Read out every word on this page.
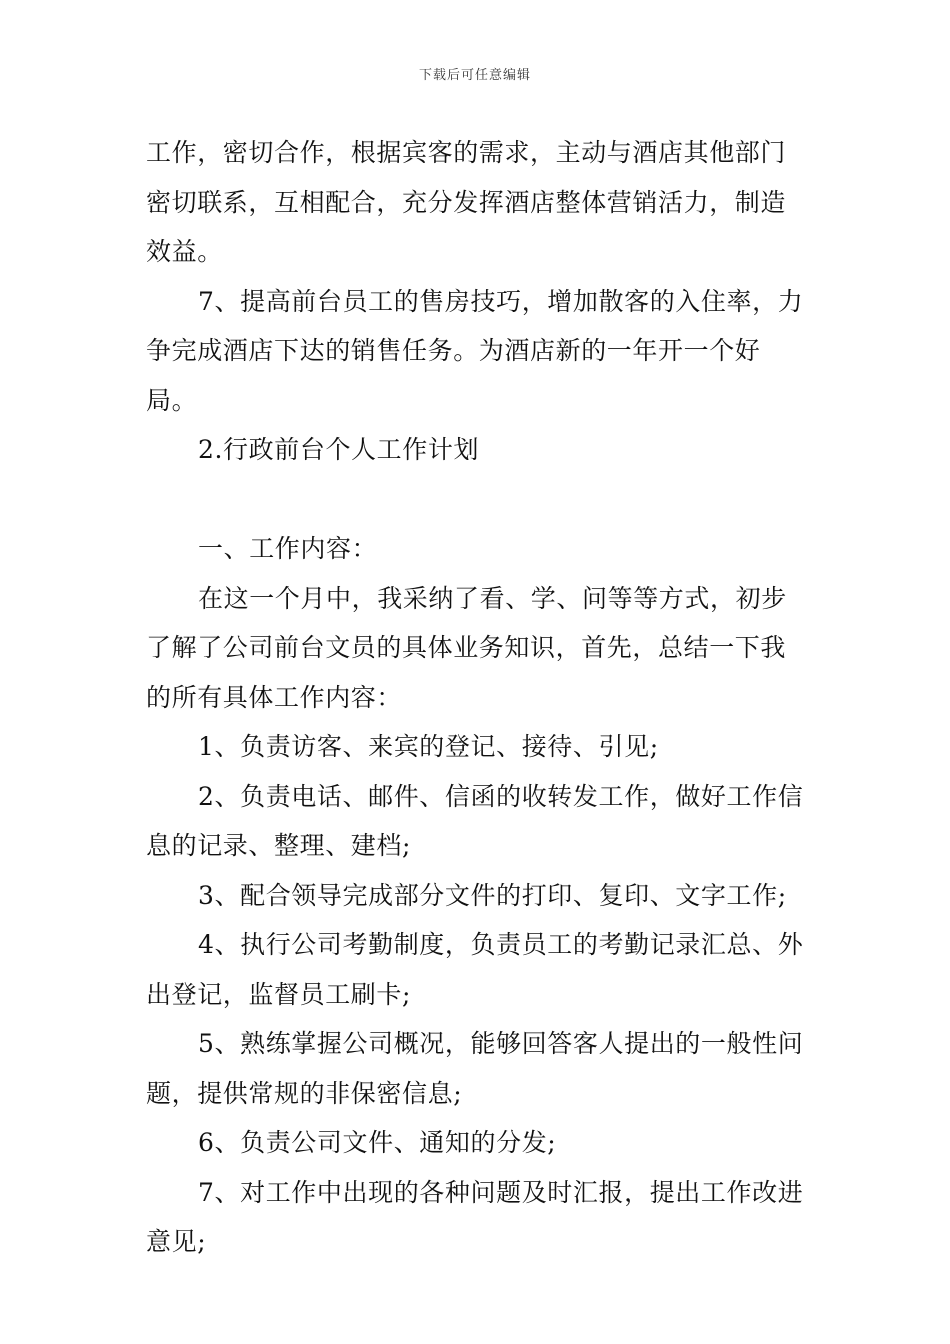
下载后可任意编辑

工作，密切合作，根据宾客的需求，主动与酒店其他部门密切联系，互相配合，充分发挥酒店整体营销活力，制造效益。

7、提高前台员工的售房技巧，增加散客的入住率，力争完成酒店下达的销售任务。为酒店新的一年开一个好局。

2.行政前台个人工作计划

一、工作内容：

在这一个月中，我采纳了看、学、问等等方式，初步了解了公司前台文员的具体业务知识，首先，总结一下我的所有具体工作内容：

1、负责访客、来宾的登记、接待、引见;

2、负责电话、邮件、信函的收转发工作，做好工作信息的记录、整理、建档;

3、配合领导完成部分文件的打印、复印、文字工作;

4、执行公司考勤制度，负责员工的考勤记录汇总、外出登记，监督员工刷卡;

5、熟练掌握公司概况，能够回答客人提出的一般性问题，提供常规的非保密信息;

6、负责公司文件、通知的分发;

7、对工作中出现的各种问题及时汇报，提出工作改进意见;
